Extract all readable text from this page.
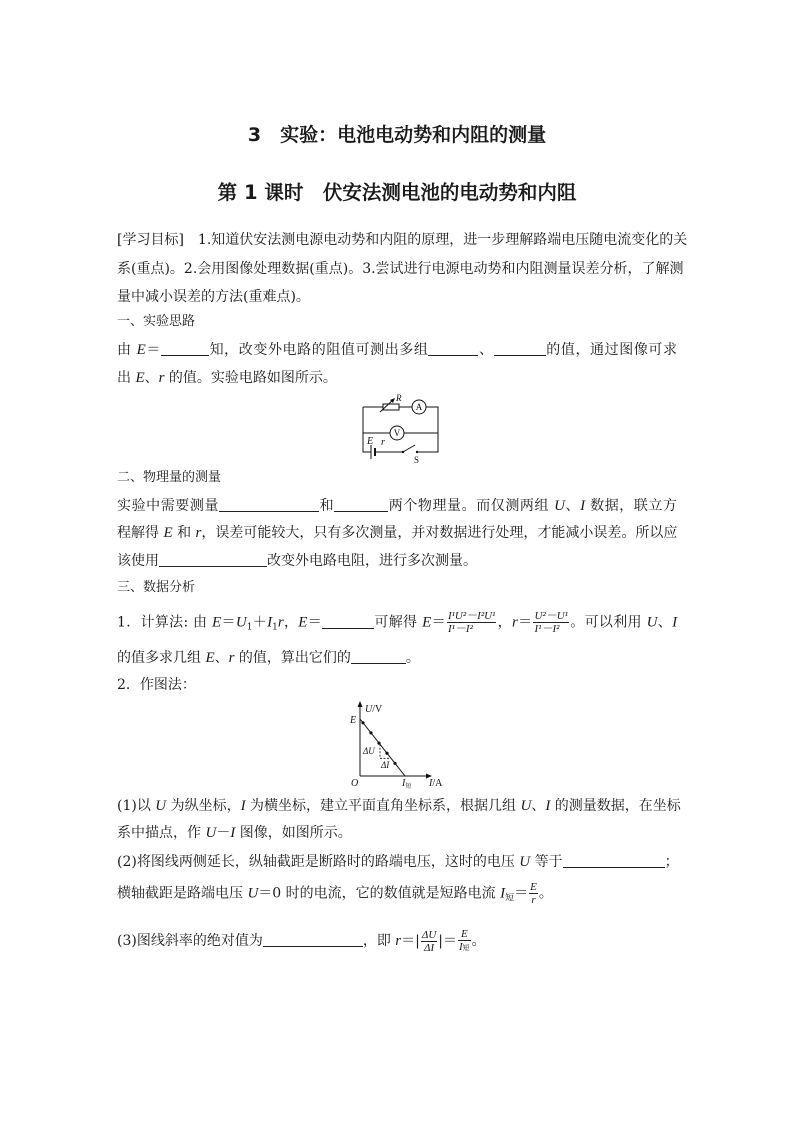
3　实验：电池电动势和内阻的测量
第 1 课时　伏安法测电池的电动势和内阻
[学习目标]　1.知道伏安法测电源电动势和内阻的原理，进一步理解路端电压随电流变化的关
系(重点)。2.会用图像处理数据(重点)。3.尝试进行电源电动势和内阻测量误差分析，了解测
量中减小误差的方法(重难点)。
一、实验思路
由 E＝	知，改变外电路的阻值可测出多组	、	的值，通过图像可求
出 E、r 的值。实验电路如图所示。
R
A
V
E r
S
二、物理量的测量
实验中需要测量	和	两个物理量。而仅测两组 U、I 数据，联立方
程解得 E 和 r，误差可能较大，只有多次测量，并对数据进行处理，才能减小误差。所以应
该使用	改变外电路电阻，进行多次测量。
三、数据分析
1．计算法: 由 $E=U_1+I_1r$，E＝	可解得 $E= \frac{\text{I¹U²－I²U¹}}{\text{I¹－I²}}$ ，$r= \frac{\text{U²－U¹}}{\text{I¹－I²}}$ 。可以利用 U、I
的值多求几组 E、r 的值，算出它们的	。
2．作图法：
U/V
E
ΔU
ΔI
O	$I_短$ I/A
(1)以 U 为纵坐标，I 为横坐标，建立平面直角坐标系，根据几组 U、I 的测量数据，在坐标
系中描点，作 U－I 图像，如图所示。
(2)将图线两侧延长，纵轴截距是断路时的路端电压，这时的电压 U 等于	；
横轴截距是路端电压 U＝0 时的电流，它的数值就是短路电流 $I_短= \frac{E}{r}$ 。
(3)图线斜率的绝对值为	，即 $r=| \frac{\Delta U}{\Delta I}$ |＝ E
I短 。
